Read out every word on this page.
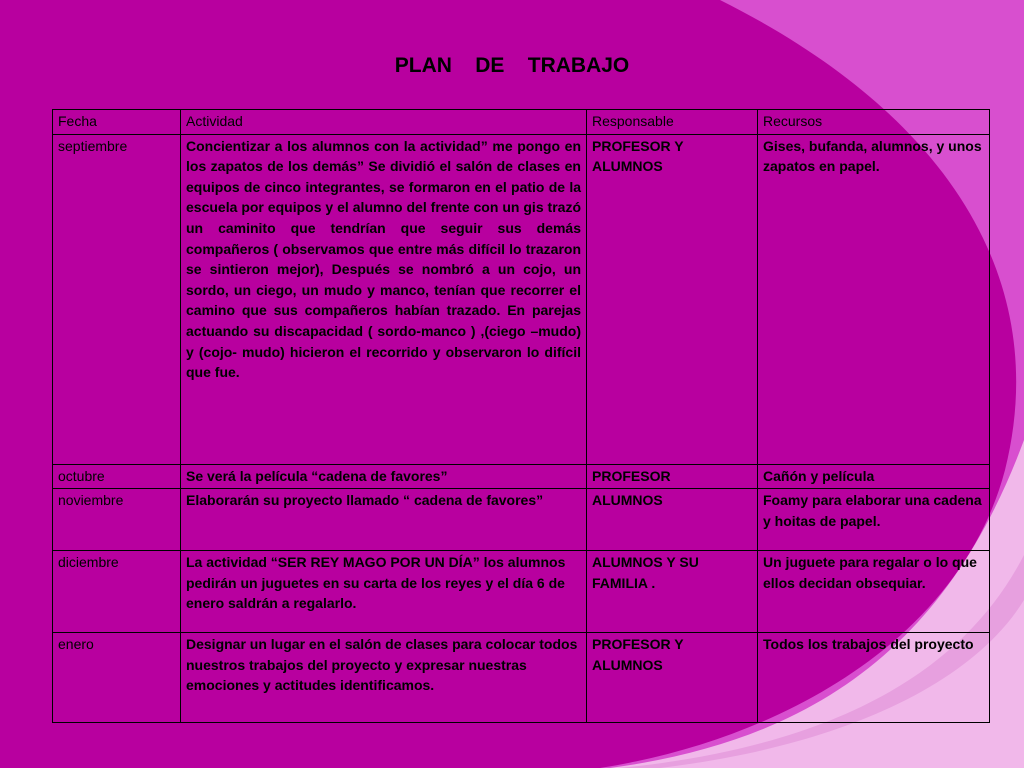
PLAN    DE    TRABAJO
Fecha	Actividad	Responsable	Recursos
septiembre	Concientizar a los alumnos con la actividad” me pongo en los zapatos de los demás” Se dividió el salón de clases en equipos de cinco integrantes, se formaron en el patio de la escuela por equipos y el alumno del frente con un gis trazó un caminito que tendrían que seguir sus demás compañeros ( observamos que entre más difícil lo trazaron se sintieron mejor), Después se nombró a un cojo, un sordo, un ciego, un mudo y manco, tenían que recorrer el camino que sus compañeros habían trazado. En parejas actuando su discapacidad ( sordo-manco ) ,(ciego –mudo) y (cojo- mudo) hicieron el recorrido y observaron lo difícil que fue.	PROFESOR Y ALUMNOS	Gises, bufanda, alumnos, y unos zapatos en papel.
octubre	Se verá la película “cadena de favores”	PROFESOR	Cañón y película
noviembre	Elaborarán su proyecto llamado “ cadena de favores”	ALUMNOS	Foamy para elaborar una cadena y hoitas de papel.
diciembre	La actividad “SER REY MAGO POR UN DÍA” los alumnos pedirán un juguetes en su carta de los reyes y el día 6 de enero saldrán a regalarlo.	ALUMNOS Y SU FAMILIA .	Un juguete para regalar o lo que ellos decidan obsequiar.
enero	Designar un lugar en el salón de clases para colocar todos nuestros trabajos del proyecto y expresar nuestras emociones y actitudes identificamos.	PROFESOR Y ALUMNOS	Todos los trabajos del proyecto
